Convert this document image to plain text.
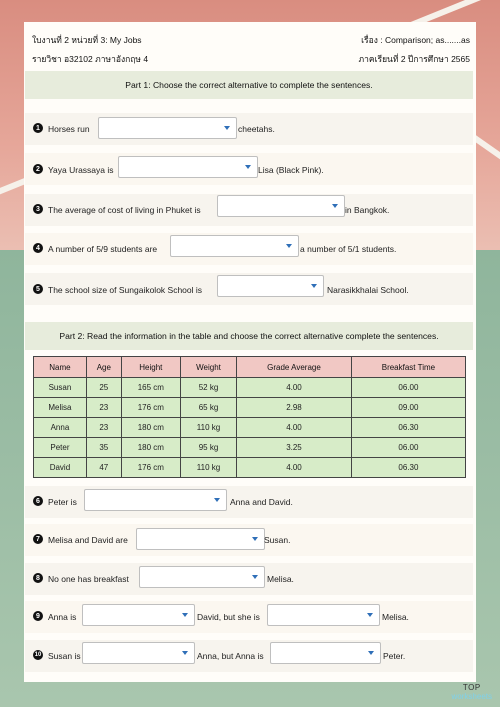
ใบงานที่ 2 หน่วยที่ 3: My Jobs
รายวิชา อ32102 ภาษาอังกฤษ 4
เรื่อง : Comparison; as.......as
ภาคเรียนที่ 2 ปีการศึกษา 2565
Part 1: Choose the correct alternative to complete the sentences.
1 Horses run	cheetahs.
2 Yaya Urassaya is	Lisa (Black Pink).
3 The average of cost of living in Phuket is	in Bangkok.
4 A number of 5/9 students are	a number of 5/1 students.
5 The school size of Sungaikolok School is	Narasikkhalai School.
Part 2: Read the information in the table and choose the correct alternative complete the sentences.
Name	Age	Height	Weight	Grade Average	Breakfast Time
Susan	25	165 cm	52 kg	4.00	06.00
Melisa	23	176 cm	65 kg	2.98	09.00
Anna	23	180 cm	110 kg	4.00	06.30
Peter	35	180 cm	95 kg	3.25	06.00
David	47	176 cm	110 kg	4.00	06.30
6 Peter is	Anna and David.
7 Melisa and David are	Susan.
8 No one has breakfast	Melisa.
9 Anna is	David, but she is	Melisa.
10 Susan is	Anna, but Anna is	Peter.
TOP
worksheets
